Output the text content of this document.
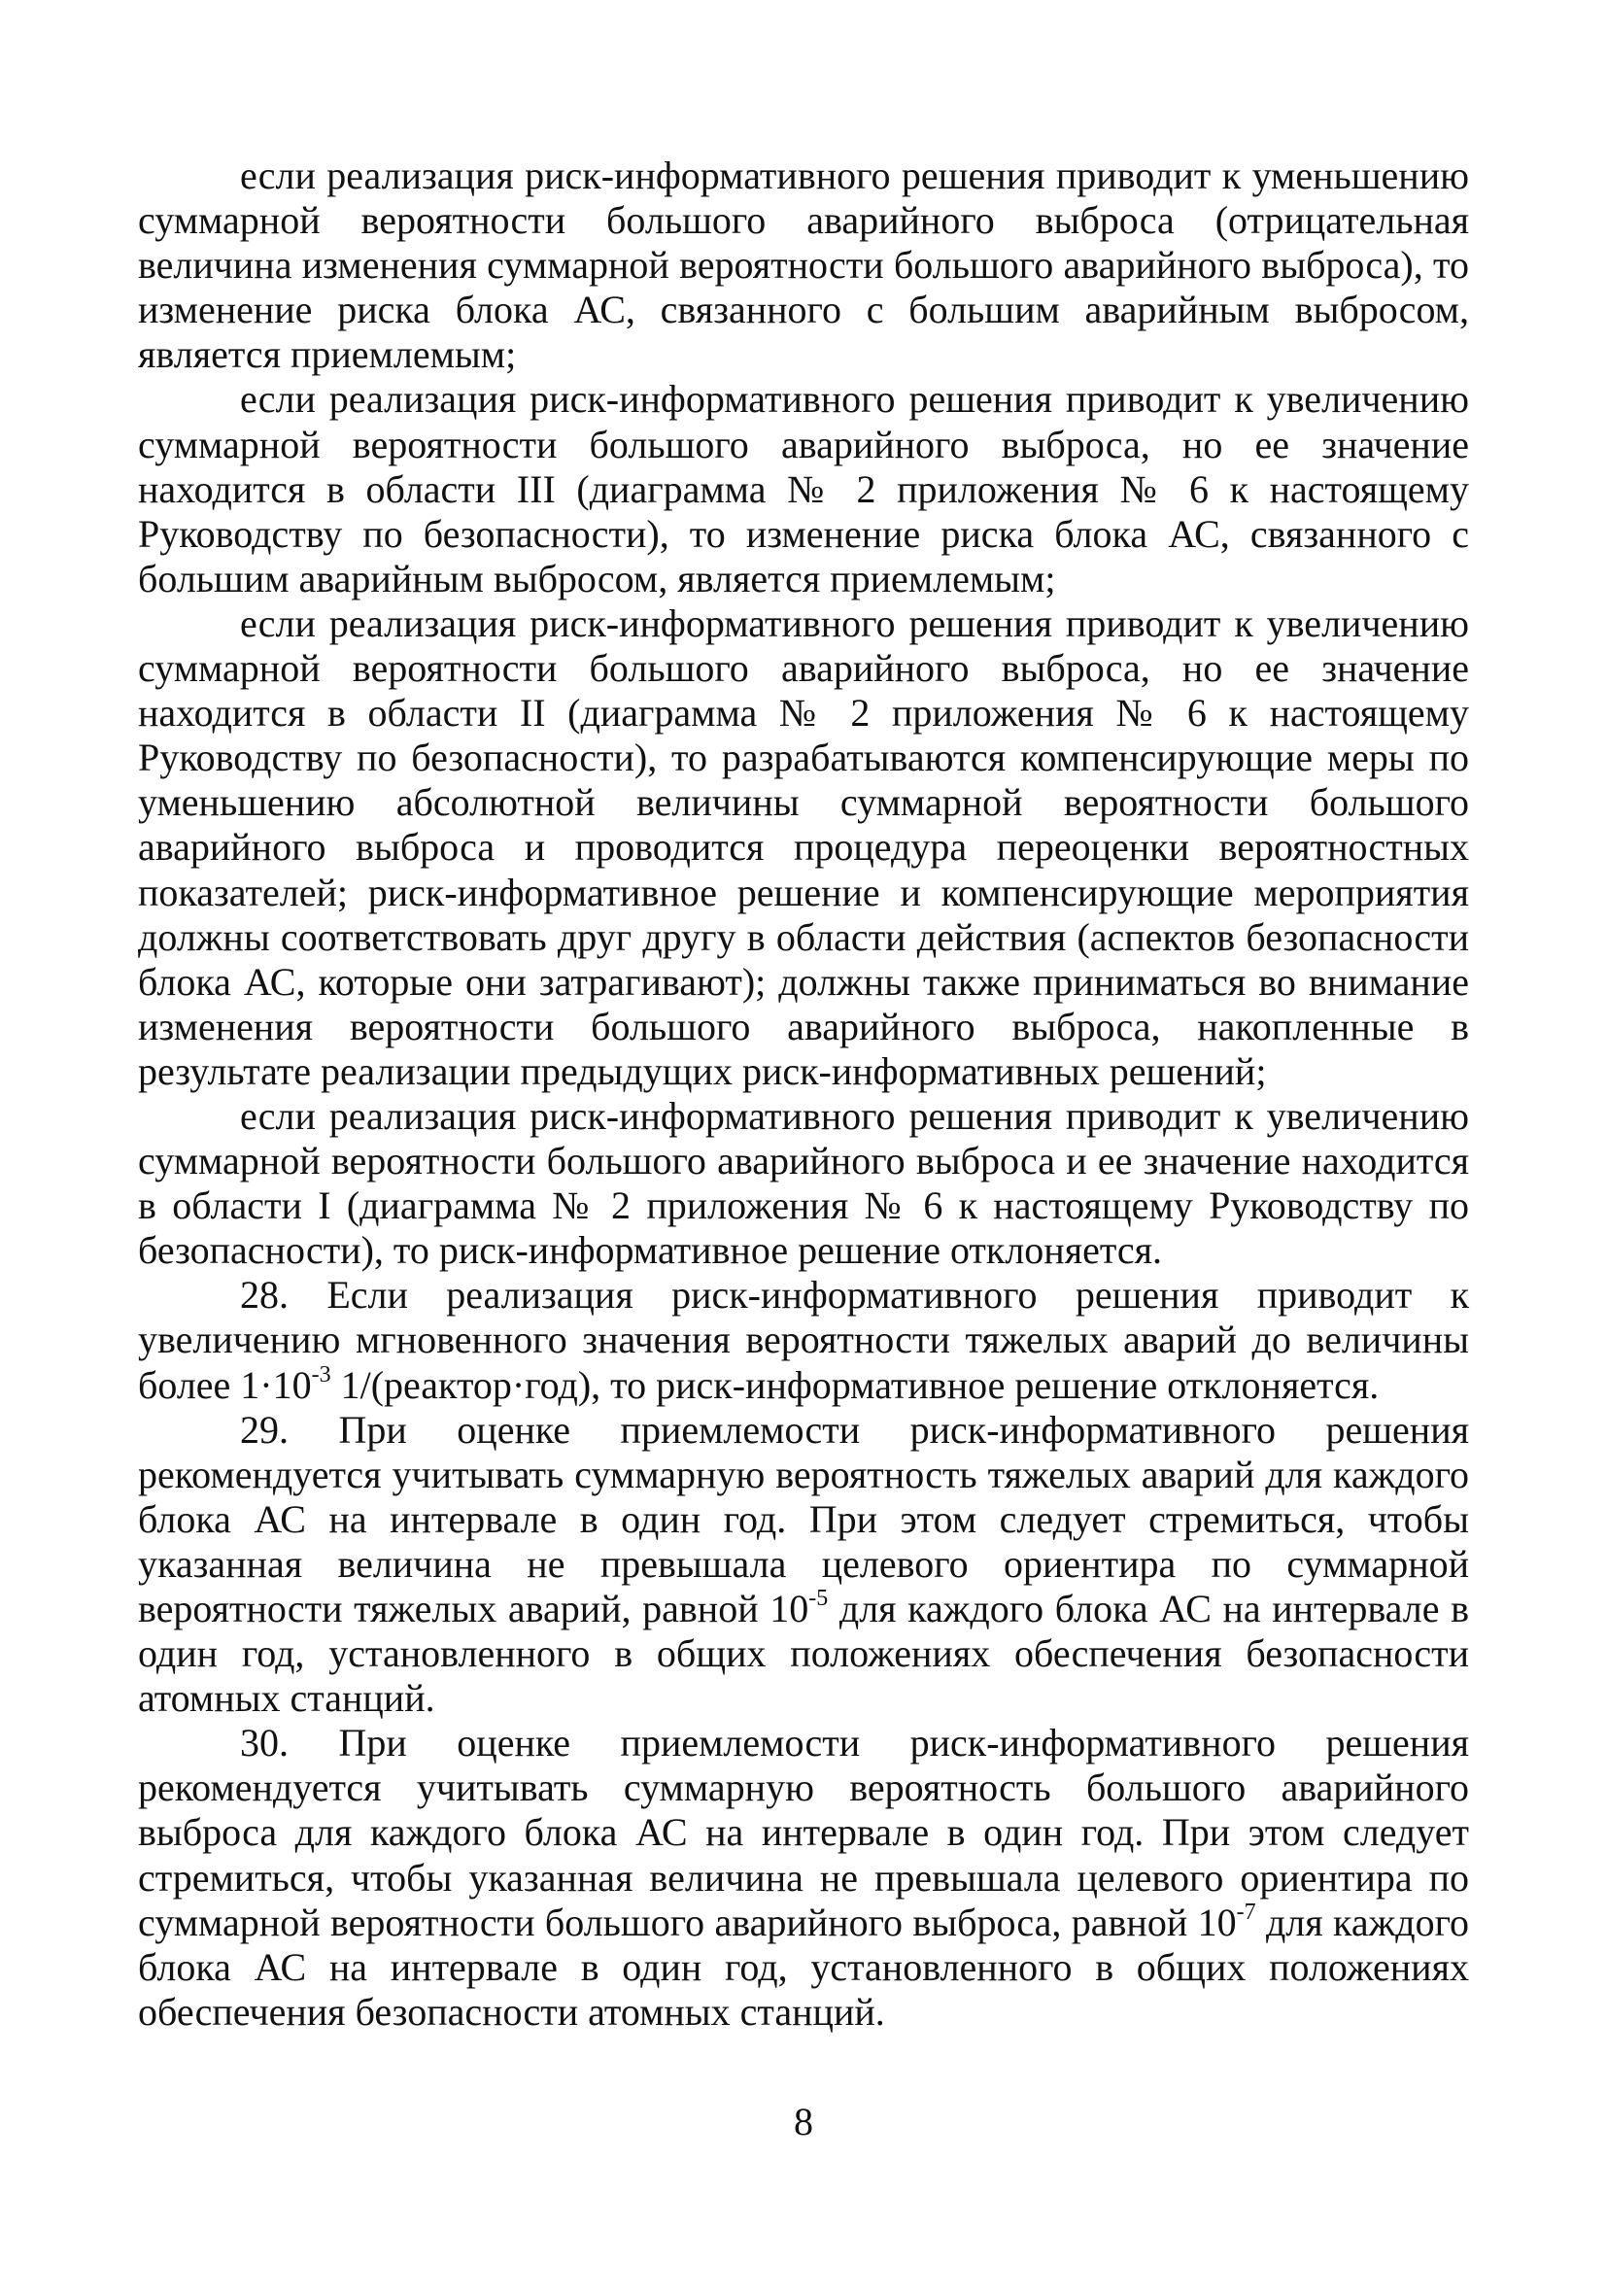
если реализация риск-информативного решения приводит к уменьшению суммарной вероятности большого аварийного выброса (отрицательная величина изменения суммарной вероятности большого аварийного выброса), то изменение риска блока АС, связанного с большим аварийным выбросом, является приемлемым;

если реализация риск-информативного решения приводит к увеличению суммарной вероятности большого аварийного выброса, но ее значение находится в области III (диаграмма № 2 приложения № 6 к настоящему Руководству по безопасности), то изменение риска блока АС, связанного с большим аварийным выбросом, является приемлемым;

если реализация риск-информативного решения приводит к увеличению суммарной вероятности большого аварийного выброса, но ее значение находится в области II (диаграмма № 2 приложения № 6 к настоящему Руководству по безопасности), то разрабатываются компенсирующие меры по уменьшению абсолютной величины суммарной вероятности большого аварийного выброса и проводится процедура переоценки вероятностных показателей; риск-информативное решение и компенсирующие мероприятия должны соответствовать друг другу в области действия (аспектов безопасности блока АС, которые они затрагивают); должны также приниматься во внимание изменения вероятности большого аварийного выброса, накопленные в результате реализации предыдущих риск-информативных решений;

если реализация риск-информативного решения приводит к увеличению суммарной вероятности большого аварийного выброса и ее значение находится в области I (диаграмма № 2 приложения № 6 к настоящему Руководству по безопасности), то риск-информативное решение отклоняется.

28. Если реализация риск-информативного решения приводит к увеличению мгновенного значения вероятности тяжелых аварий до величины более $1\cdot 10^{-3}$ 1/(реактор·год), то риск-информативное решение отклоняется.

29. При оценке приемлемости риск-информативного решения рекомендуется учитывать суммарную вероятность тяжелых аварий для каждого блока АС на интервале в один год. При этом следует стремиться, чтобы указанная величина не превышала целевого ориентира по суммарной вероятности тяжелых аварий, равной $10^{-5}$ для каждого блока АС на интервале в один год, установленного в общих положениях обеспечения безопасности атомных станций.

30. При оценке приемлемости риск-информативного решения рекомендуется учитывать суммарную вероятность большого аварийного выброса для каждого блока АС на интервале в один год. При этом следует стремиться, чтобы указанная величина не превышала целевого ориентира по суммарной вероятности большого аварийного выброса, равной $10^{-7}$ для каждого блока АС на интервале в один год, установленного в общих положениях обеспечения безопасности атомных станций.

8
